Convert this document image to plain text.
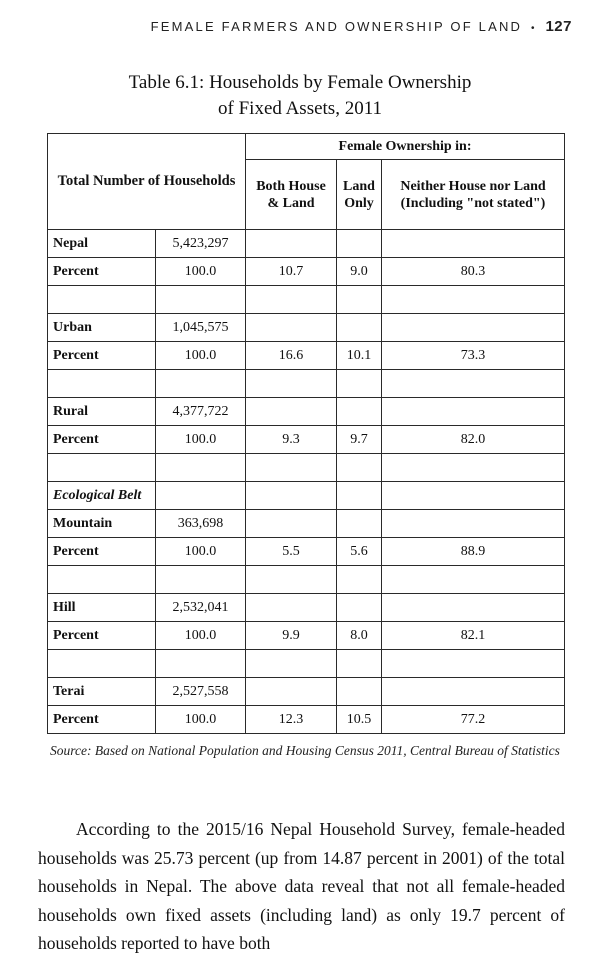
FEMALE FARMERS AND OWNERSHIP OF LAND • 127
Table 6.1: Households by Female Ownership
of Fixed Assets, 2011
Total Number of Households		Female Ownership in:		
		Both House & Land	Land Only	Neither House nor Land
(Including "not stated")

Nepal	5,423,297			
Percent	100.0	10.7	9.0	80.3

Urban	1,045,575			
Percent	100.0	16.6	10.1	73.3

Rural	4,377,722			
Percent	100.0	9.3	9.7	82.0

Ecological Belt				
Mountain	363,698			
Percent	100.0	5.5	5.6	88.9

Hill	2,532,041			
Percent	100.0	9.9	8.0	82.1

Terai	2,527,558			
Percent	100.0	12.3	10.5	77.2
Source: Based on National Population and Housing Census 2011, Central Bureau of Statistics
According to the 2015/16 Nepal Household Survey, female-headed households was 25.73 percent (up from 14.87 percent in 2001) of the total households in Nepal. The above data reveal that not all female-headed households own fixed assets (including land) as only 19.7 percent of households reported to have both
